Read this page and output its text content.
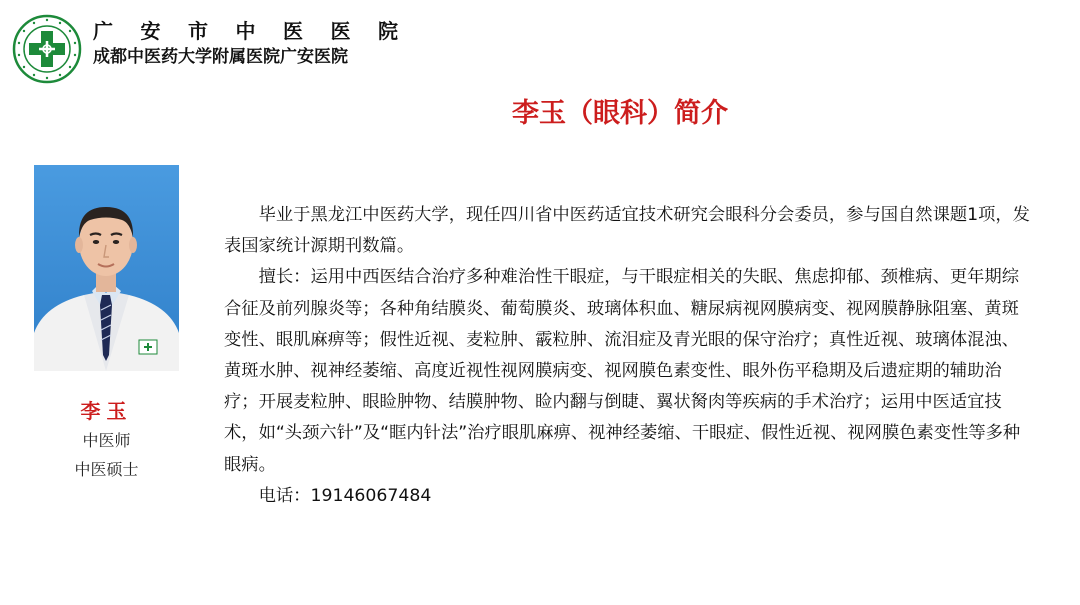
广 安 市 中 医 医 院
成都中医药大学附属医院广安医院
李玉（眼科）简介
李玉
中医师
中医硕士

毕业于黑龙江中医药大学，现任四川省中医药适宜技术研究会眼科分会委员，参与国自然课题1项，发表国家统计源期刊数篇。

擅长：运用中西医结合治疗多种难治性干眼症，与干眼症相关的失眠、焦虑抑郁、颈椎病、更年期综合征及前列腺炎等；各种角结膜炎、葡萄膜炎、玻璃体积血、糖尿病视网膜病变、视网膜静脉阻塞、黄斑变性、眼肌麻痹等；假性近视、麦粒肿、霰粒肿、流泪症及青光眼的保守治疗；真性近视、玻璃体混浊、黄斑水肿、视神经萎缩、高度近视性视网膜病变、视网膜色素变性、眼外伤平稳期及后遗症期的辅助治疗；开展麦粒肿、眼睑肿物、结膜肿物、睑内翻与倒睫、翼状胬肉等疾病的手术治疗；运用中医适宜技术，如“头颈六针”及“眶内针法”治疗眼肌麻痹、视神经萎缩、干眼症、假性近视、视网膜色素变性等多种眼病。

电话：19146067484
